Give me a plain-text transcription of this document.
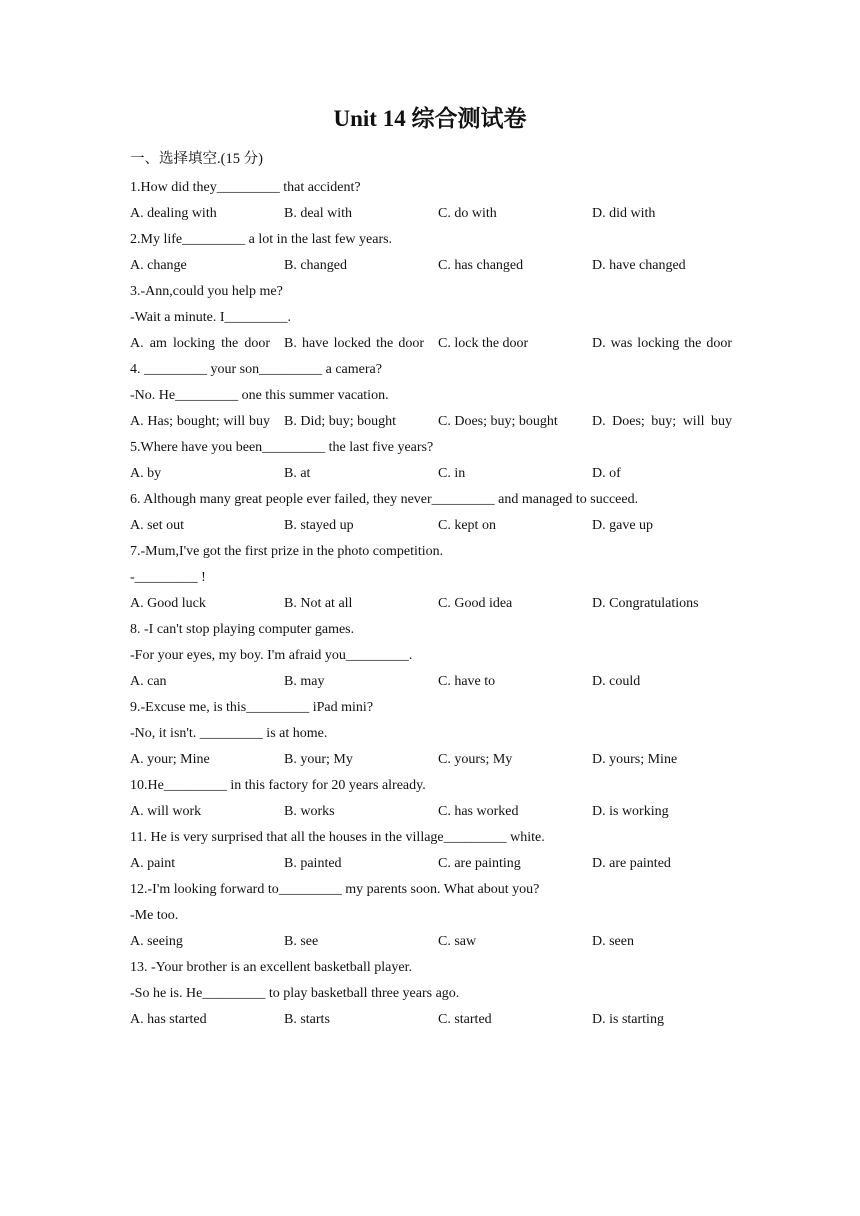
Unit 14 综合测试卷

一、选择填空.(15 分)

1.How did they_________ that accident?
A. dealing with	B. deal with	C. do with	D. did with
2.My life_________ a lot in the last few years.
A. change	B. changed	C. has changed	D. have changed
3.-Ann,could you help me?
-Wait a minute. I_________.
A. am locking the door	B. have locked the door	C. lock the door	D. was locking the door
4. _________ your son_________ a camera?
-No. He_________ one this summer vacation.
A. Has; bought; will buy	B. Did; buy; bought	C. Does; buy; bought	D. Does; buy; will buy
5.Where have you been_________ the last five years?
A. by	B. at	C. in	D. of
6. Although many great people ever failed, they never_________ and managed to succeed.
A. set out	B. stayed up	C. kept on	D. gave up
7.-Mum,I've got the first prize in the photo competition.
-_________ !
A. Good luck	B. Not at all	C. Good idea	D. Congratulations
8. -I can't stop playing computer games.
-For your eyes, my boy. I'm afraid you_________.
A. can	B. may	C. have to	D. could
9.-Excuse me, is this_________ iPad mini?
-No, it isn't. _________ is at home.
A. your; Mine	B. your; My	C. yours; My	D. yours; Mine
10.He_________ in this factory for 20 years already.
A. will work	B. works	C. has worked	D. is working
11. He is very surprised that all the houses in the village_________ white.
A. paint	B. painted	C. are painting	D. are painted
12.-I'm looking forward to_________ my parents soon. What about you?
-Me too.
A. seeing	B. see	C. saw	D. seen
13. -Your brother is an excellent basketball player.
-So he is. He_________ to play basketball three years ago.
A. has started	B. starts	C. started	D. is starting
